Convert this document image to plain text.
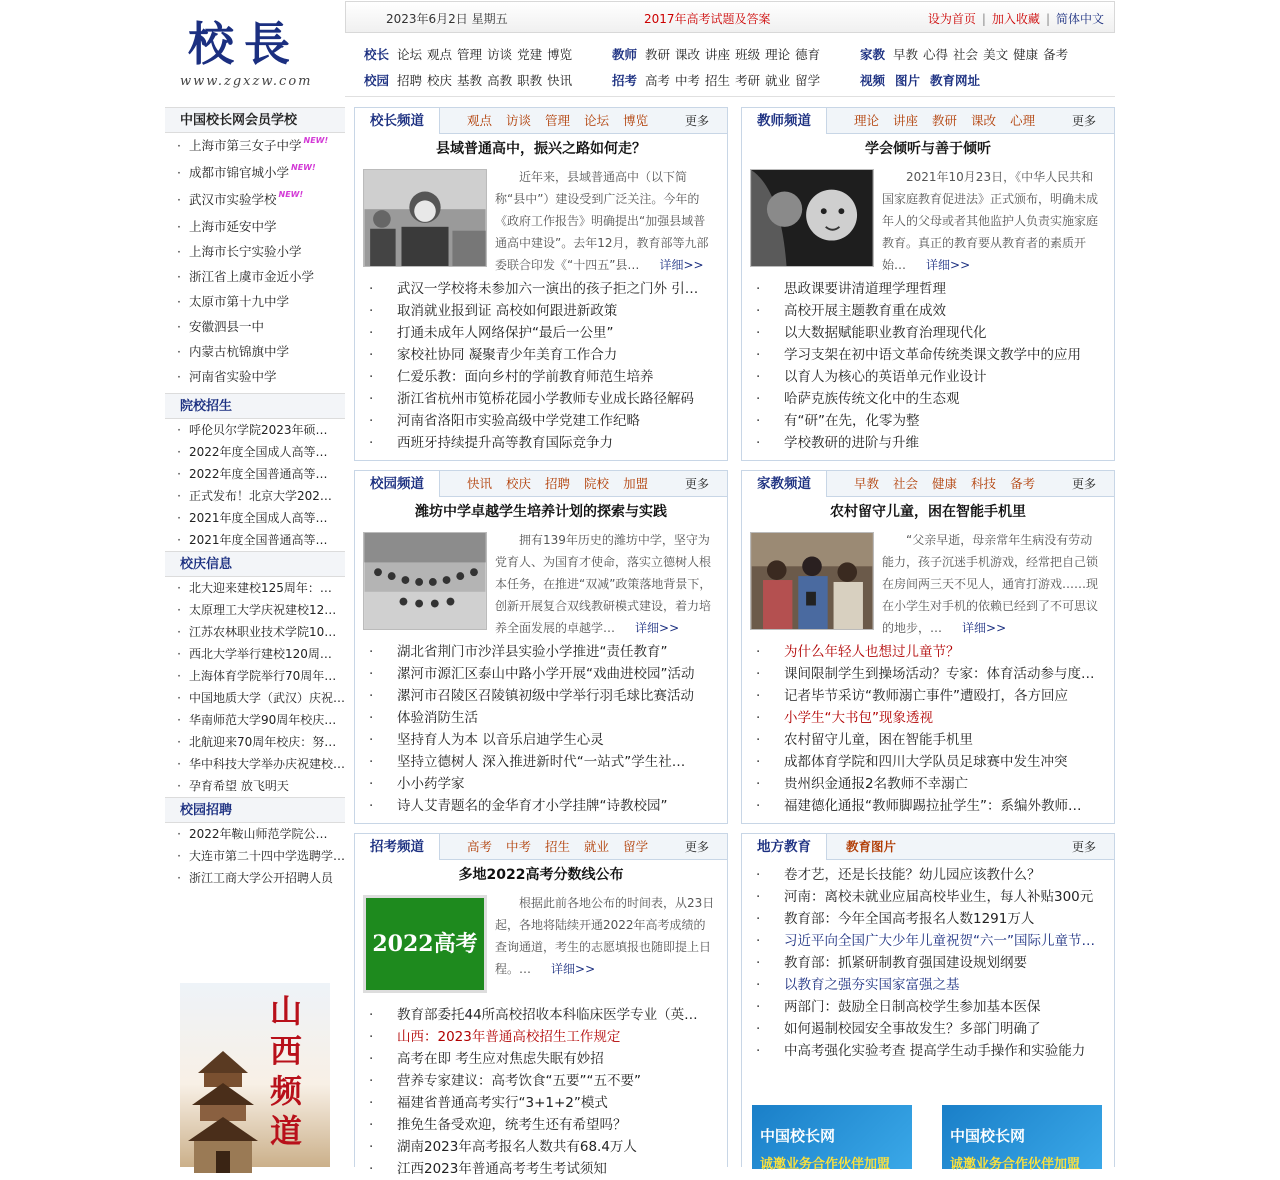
校長
www.zgxzw.com
2023年6月2日 星期五	2017年高考试题及答案	设为首页 | 加入收藏 | 简体中文
校长 论坛 观点 管理 访谈 党建 博览	教师 教研 课改 讲座 班级 理论 德育	家教 早教 心得 社会 美文 健康 备考
校园 招聘 校庆 基教 高教 职教 快讯	招考 高考 中考 招生 考研 就业 留学	视频 图片 教育网址
中国校长网会员学校
· 上海市第三女子中学 NEW!
· 成都市锦官城小学 NEW!
· 武汉市实验学校 NEW!
· 上海市延安中学
· 上海市长宁实验小学
· 浙江省上虞市金近小学
· 太原市第十九中学
· 安徽泗县一中
· 内蒙古杭锦旗中学
· 河南省实验中学
院校招生
· 呼伦贝尔学院2023年硕…
· 2022年度全国成人高等…
· 2022年度全国普通高等…
· 正式发布！北京大学202…
· 2021年度全国成人高等…
· 2021年度全国普通高等…
校庆信息
· 北大迎来建校125周年：…
· 太原理工大学庆祝建校12…
· 江苏农林职业技术学院10…
· 西北大学举行建校120周…
· 上海体育学院举行70周年…
· 中国地质大学（武汉）庆祝…
· 华南师范大学90周年校庆…
· 北航迎来70周年校庆：努…
· 华中科技大学举办庆祝建校…
· 孕育希望 放飞明天
校园招聘
· 2022年鞍山师范学院公…
· 大连市第二十四中学选聘学…
· 浙江工商大学公开招聘人员
山西频道
校长频道	观点 访谈 管理 论坛 博览	更多
县域普通高中，振兴之路如何走？
近年来，县域普通高中（以下简称“县中”）建设受到广泛关注。今年的《政府工作报告》明确提出“加强县域普通高中建设”。去年12月，教育部等九部委联合印发《“十四五”县… 详细>>
· 武汉一学校将未参加六一演出的孩子拒之门外 引…
· 取消就业报到证 高校如何跟进新政策
· 打通未成年人网络保护“最后一公里”
· 家校社协同 凝聚青少年美育工作合力
· 仁爱乐教：面向乡村的学前教育师范生培养
· 浙江省杭州市笕桥花园小学教师专业成长路径解码
· 河南省洛阳市实验高级中学党建工作纪略
· 西班牙持续提升高等教育国际竞争力
教师频道	理论 讲座 教研 课改 心理	更多
学会倾听与善于倾听
2021年10月23日，《中华人民共和国家庭教育促进法》正式颁布，明确未成年人的父母或者其他监护人负责实施家庭教育。真正的教育要从教育者的素质开始… 详细>>
· 思政课要讲清道理学理哲理
· 高校开展主题教育重在成效
· 以大数据赋能职业教育治理现代化
· 学习支架在初中语文革命传统类课文教学中的应用
· 以育人为核心的英语单元作业设计
· 哈萨克族传统文化中的生态观
· 有“研”在先，化零为整
· 学校教研的进阶与升维
校园频道	快讯 校庆 招聘 院校 加盟	更多
潍坊中学卓越学生培养计划的探索与实践
拥有139年历史的潍坊中学，坚守为党育人、为国育才使命，落实立德树人根本任务，在推进“双减”政策落地背景下，创新开展复合双线教研模式建设，着力培养全面发展的卓越学… 详细>>
· 湖北省荆门市沙洋县实验小学推进“责任教育”
· 漯河市源汇区泰山中路小学开展“戏曲进校园”活动
· 漯河市召陵区召陵镇初级中学举行羽毛球比赛活动
· 体验消防生活
· 坚持育人为本 以音乐启迪学生心灵
· 坚持立德树人 深入推进新时代“一站式”学生社…
· 小小药学家
· 诗人艾青题名的金华育才小学挂牌“诗教校园”
家教频道	早教 社会 健康 科技 备考	更多
农村留守儿童，困在智能手机里
“父亲早逝，母亲常年生病没有劳动能力，孩子沉迷手机游戏，经常把自己锁在房间两三天不见人，通宵打游戏……现在小学生对手机的依赖已经到了不可思议的地步，… 详细>>
· 为什么年轻人也想过儿童节？
· 课间限制学生到操场活动？专家：体育活动参与度…
· 记者毕节采访“教师溺亡事件”遭殴打，各方回应
· 小学生“大书包”现象透视
· 农村留守儿童，困在智能手机里
· 成都体育学院和四川大学队员足球赛中发生冲突
· 贵州织金通报2名教师不幸溺亡
· 福建德化通报“教师脚踢拉扯学生”：系编外教师…
招考频道	高考 中考 招生 就业 留学	更多
多地2022高考分数线公布
2022高考
根据此前各地公布的时间表，从23日起，各地将陆续开通2022年高考成绩的查询通道，考生的志愿填报也随即提上日程。… 详细>>
· 教育部委托44所高校招收本科临床医学专业（英…
· 山西：2023年普通高校招生工作规定
· 高考在即 考生应对焦虑失眠有妙招
· 营养专家建议：高考饮食“五要”“五不要”
· 福建省普通高考实行“3+1+2”模式
· 推免生备受欢迎，统考生还有希望吗？
· 湖南2023年高考报名人数共有68.4万人
· 江西2023年普通高考考生考试须知
地方教育	教育图片	更多
· 卷才艺，还是长技能？幼儿园应该教什么？
· 河南：离校未就业应届高校毕业生，每人补贴300元
· 教育部：今年全国高考报名人数1291万人
· 习近平向全国广大少年儿童祝贺“六一”国际儿童节…
· 教育部：抓紧研制教育强国建设规划纲要
· 以教育之强夯实国家富强之基
· 两部门：鼓励全日制高校学生参加基本医保
· 如何遏制校园安全事故发生？多部门明确了
· 中高考强化实验考查 提高学生动手操作和实验能力
中国校长网
诚邀业务合作伙伴加盟
中国校长网
诚邀业务合作伙伴加盟
